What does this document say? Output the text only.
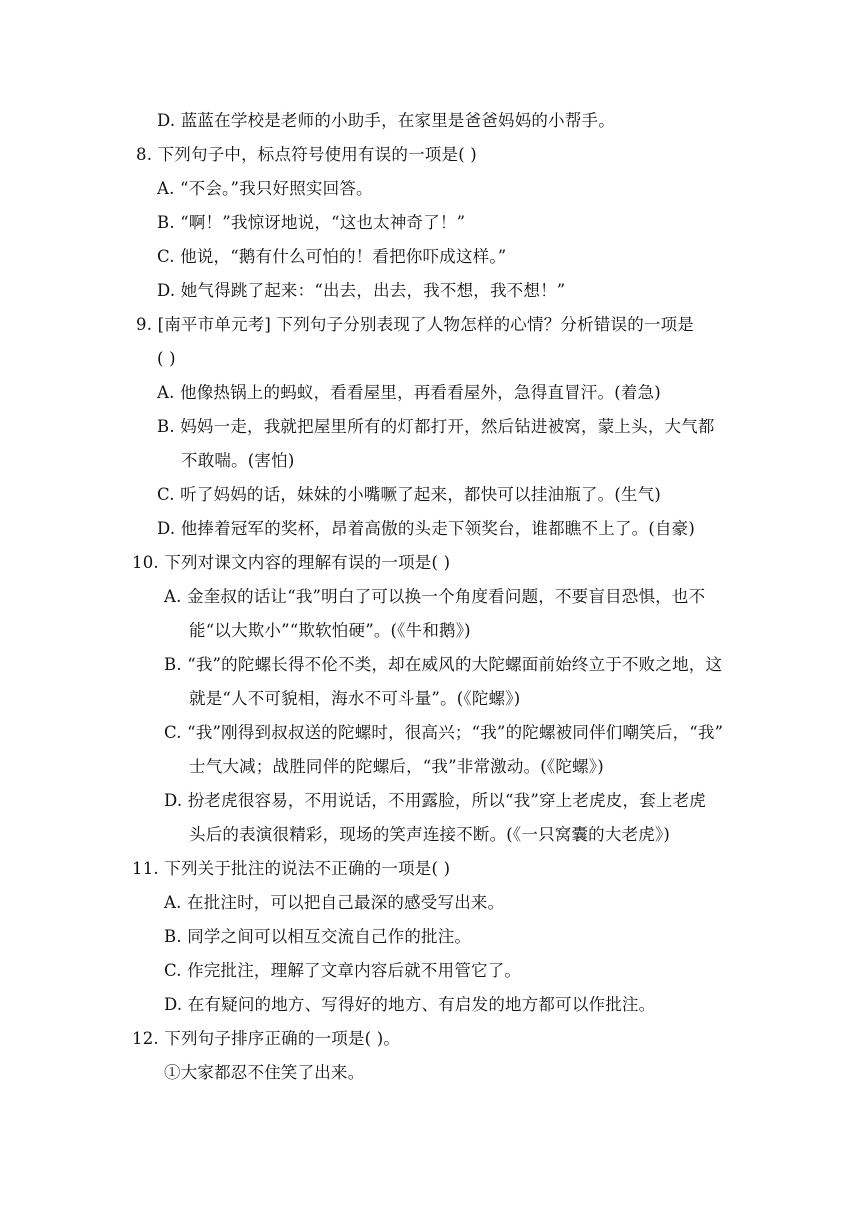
D. 蓝蓝在学校是老师的小助手，在家里是爸爸妈妈的小帮手。
8. 下列句子中，标点符号使用有误的一项是( )
A. “不会。”我只好照实回答。
B. “啊！”我惊讶地说，“这也太神奇了！”
C. 他说，“鹅有什么可怕的！看把你吓成这样。”
D. 她气得跳了起来：“出去，出去，我不想，我不想！”
9. [南平市单元考] 下列句子分别表现了人物怎样的心情？分析错误的一项是
( )
A. 他像热锅上的蚂蚁，看看屋里，再看看屋外，急得直冒汗。(着急)
B. 妈妈一走，我就把屋里所有的灯都打开，然后钻进被窝，蒙上头，大气都
不敢喘。(害怕)
C. 听了妈妈的话，妹妹的小嘴噘了起来，都快可以挂油瓶了。(生气)
D. 他捧着冠军的奖杯，昂着高傲的头走下领奖台，谁都瞧不上了。(自豪)
10. 下列对课文内容的理解有误的一项是( )
A. 金奎叔的话让“我”明白了可以换一个角度看问题，不要盲目恐惧，也不
能“以大欺小”“欺软怕硬”。(《牛和鹅》)
B. “我”的陀螺长得不伦不类，却在威风的大陀螺面前始终立于不败之地，这
就是“人不可貌相，海水不可斗量”。(《陀螺》)
C. “我”刚得到叔叔送的陀螺时，很高兴；“我”的陀螺被同伴们嘲笑后，“我”
士气大减；战胜同伴的陀螺后，“我”非常激动。(《陀螺》)
D. 扮老虎很容易，不用说话，不用露脸，所以“我”穿上老虎皮，套上老虎
头后的表演很精彩，现场的笑声连接不断。(《一只窝囊的大老虎》)
11. 下列关于批注的说法不正确的一项是( )
A. 在批注时，可以把自己最深的感受写出来。
B. 同学之间可以相互交流自己作的批注。
C. 作完批注，理解了文章内容后就不用管它了。
D. 在有疑问的地方、写得好的地方、有启发的地方都可以作批注。
12. 下列句子排序正确的一项是( )。
①大家都忍不住笑了出来。
